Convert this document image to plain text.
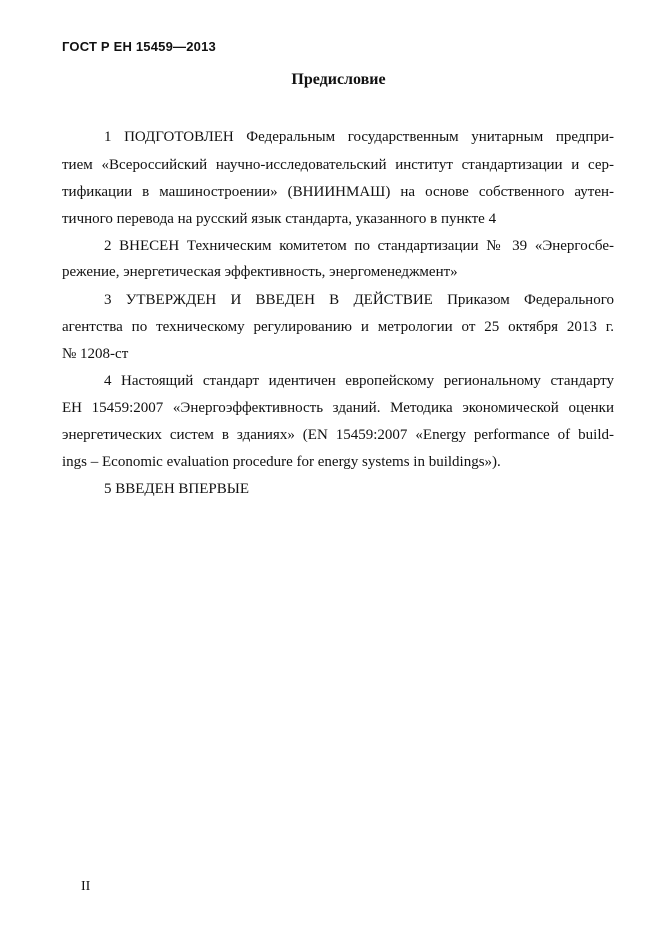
ГОСТ Р ЕН 15459—2013
Предисловие
1 ПОДГОТОВЛЕН Федеральным государственным унитарным предпри-
тием «Всероссийский научно-исследовательский институт стандартизации и сер-
тификации в машиностроении» (ВНИИНМАШ) на основе собственного аутен-
тичного перевода на русский язык стандарта, указанного в пункте 4
2 ВНЕСЕН Техническим комитетом по стандартизации № 39 «Энергосбе-
режение, энергетическая эффективность, энергоменеджмент»
3 УТВЕРЖДЕН И ВВЕДЕН В ДЕЙСТВИЕ Приказом Федерального
агентства по техническому регулированию и метрологии от 25 октября 2013 г.
№ 1208-ст
4 Настоящий стандарт идентичен европейскому региональному стандарту
ЕН 15459:2007 «Энергоэффективность зданий. Методика экономической оценки
энергетических систем в зданиях» (EN 15459:2007 «Energy performance of build-
ings – Economic evaluation procedure for energy systems in buildings»).
5 ВВЕДЕН ВПЕРВЫЕ
II
